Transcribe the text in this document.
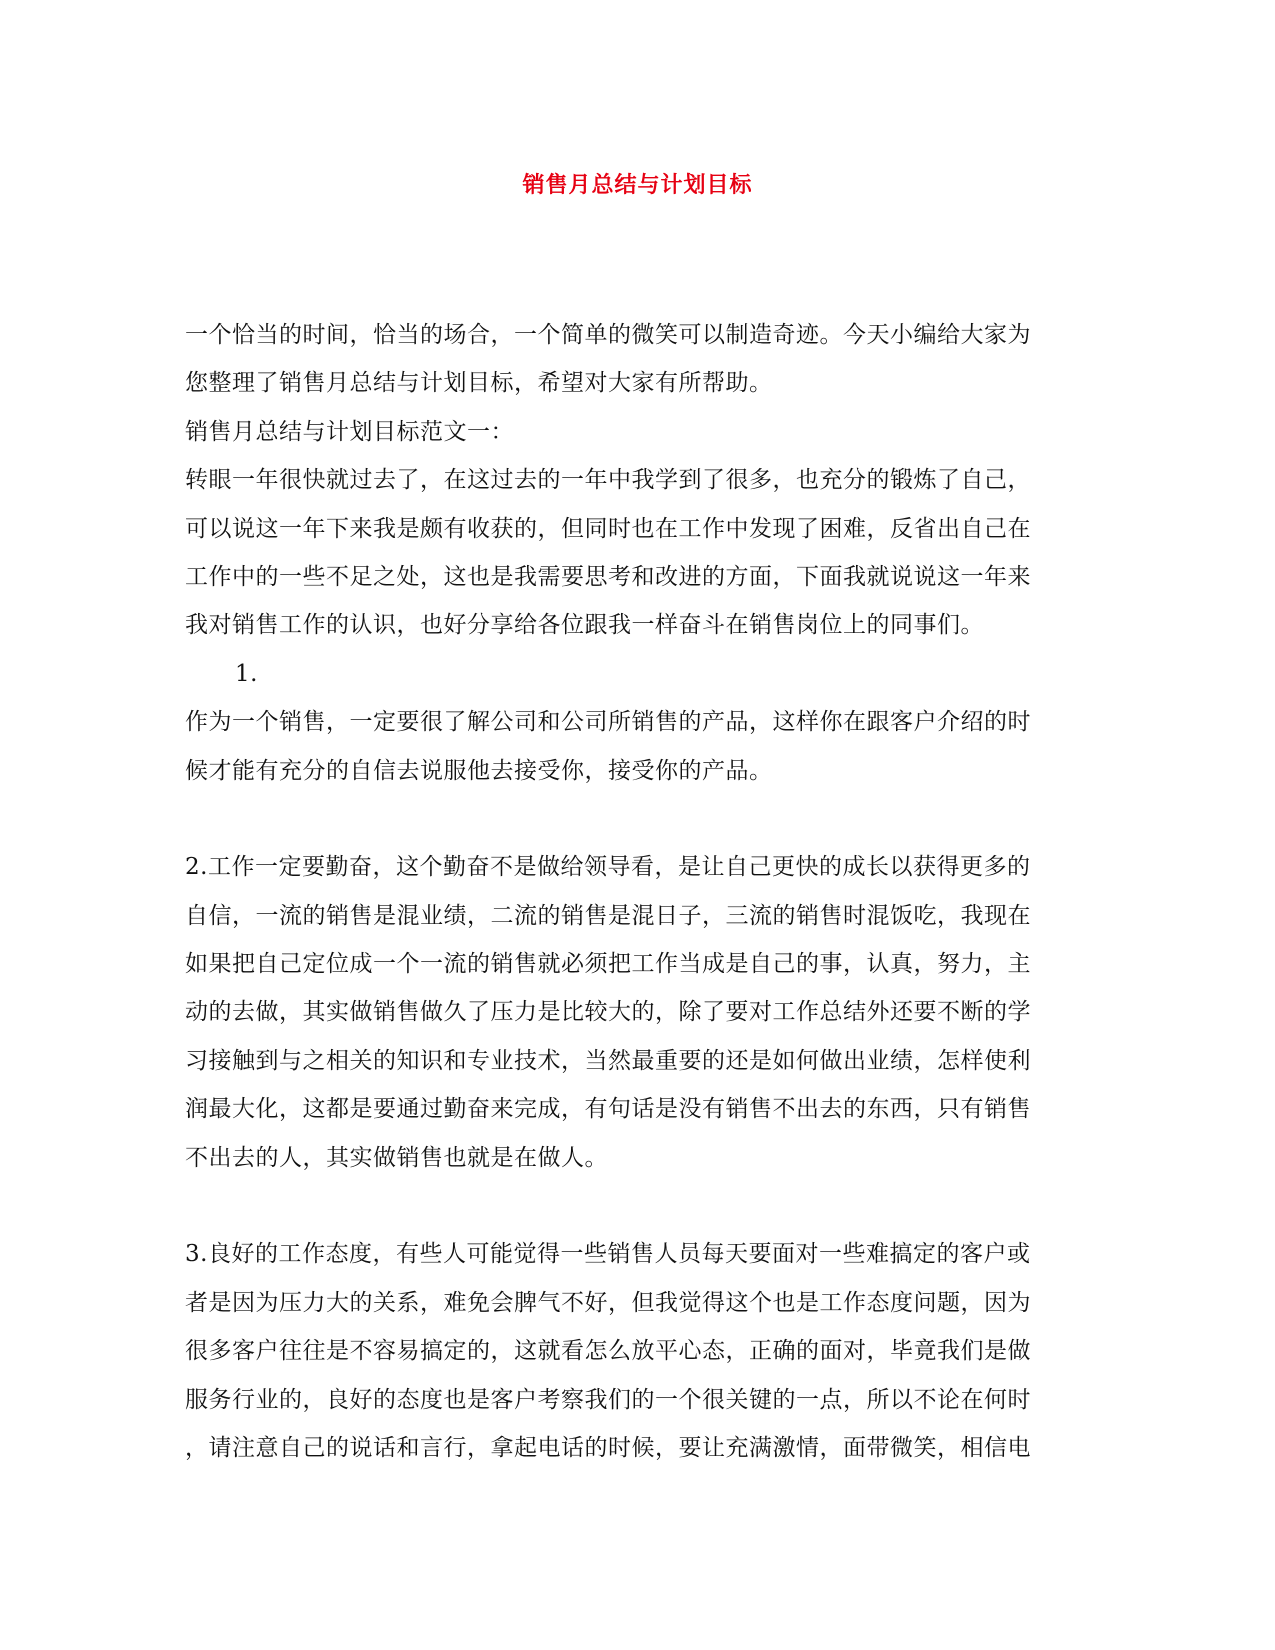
销售月总结与计划目标
一个恰当的时间，恰当的场合，一个简单的微笑可以制造奇迹。今天小编给大家为
您整理了销售月总结与计划目标，希望对大家有所帮助。
销售月总结与计划目标范文一：
转眼一年很快就过去了，在这过去的一年中我学到了很多，也充分的锻炼了自己，
可以说这一年下来我是颇有收获的，但同时也在工作中发现了困难，反省出自己在
工作中的一些不足之处，这也是我需要思考和改进的方面，下面我就说说这一年来
我对销售工作的认识，也好分享给各位跟我一样奋斗在销售岗位上的同事们。
1.
作为一个销售，一定要很了解公司和公司所销售的产品，这样你在跟客户介绍的时
候才能有充分的自信去说服他去接受你，接受你的产品。
2.工作一定要勤奋，这个勤奋不是做给领导看，是让自己更快的成长以获得更多的
自信，一流的销售是混业绩，二流的销售是混日子，三流的销售时混饭吃，我现在
如果把自己定位成一个一流的销售就必须把工作当成是自己的事，认真，努力，主
动的去做，其实做销售做久了压力是比较大的，除了要对工作总结外还要不断的学
习接触到与之相关的知识和专业技术，当然最重要的还是如何做出业绩，怎样使利
润最大化，这都是要通过勤奋来完成，有句话是没有销售不出去的东西，只有销售
不出去的人，其实做销售也就是在做人。
3.良好的工作态度，有些人可能觉得一些销售人员每天要面对一些难搞定的客户或
者是因为压力大的关系，难免会脾气不好，但我觉得这个也是工作态度问题，因为
很多客户往往是不容易搞定的，这就看怎么放平心态，正确的面对，毕竟我们是做
服务行业的，良好的态度也是客户考察我们的一个很关键的一点，所以不论在何时
，请注意自己的说话和言行，拿起电话的时候，要让充满激情，面带微笑，相信电
